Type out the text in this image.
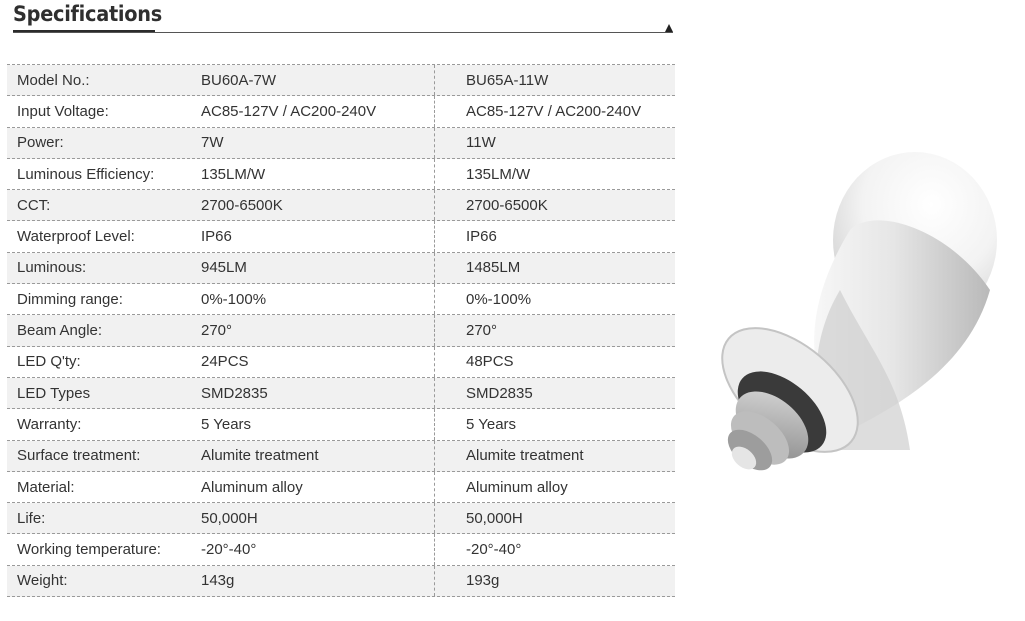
Specifications
Model No.:	BU60A-7W	BU65A-11W
Input Voltage:	AC85-127V / AC200-240V	AC85-127V / AC200-240V
Power:	7W	11W
Luminous Efficiency:	135LM/W	135LM/W
CCT:	2700-6500K	2700-6500K
Waterproof Level:	IP66	IP66
Luminous:	945LM	1485LM
Dimming range:	0%-100%	0%-100%
Beam Angle:	270°	270°
LED Q'ty:	24PCS	48PCS
LED Types	SMD2835	SMD2835
Warranty:	5 Years	5 Years
Surface treatment:	Alumite treatment	Alumite treatment
Material:	Aluminum alloy	Aluminum alloy
Life:	50,000H	50,000H
Working temperature:	-20°-40°	-20°-40°
Weight:	143g	193g
